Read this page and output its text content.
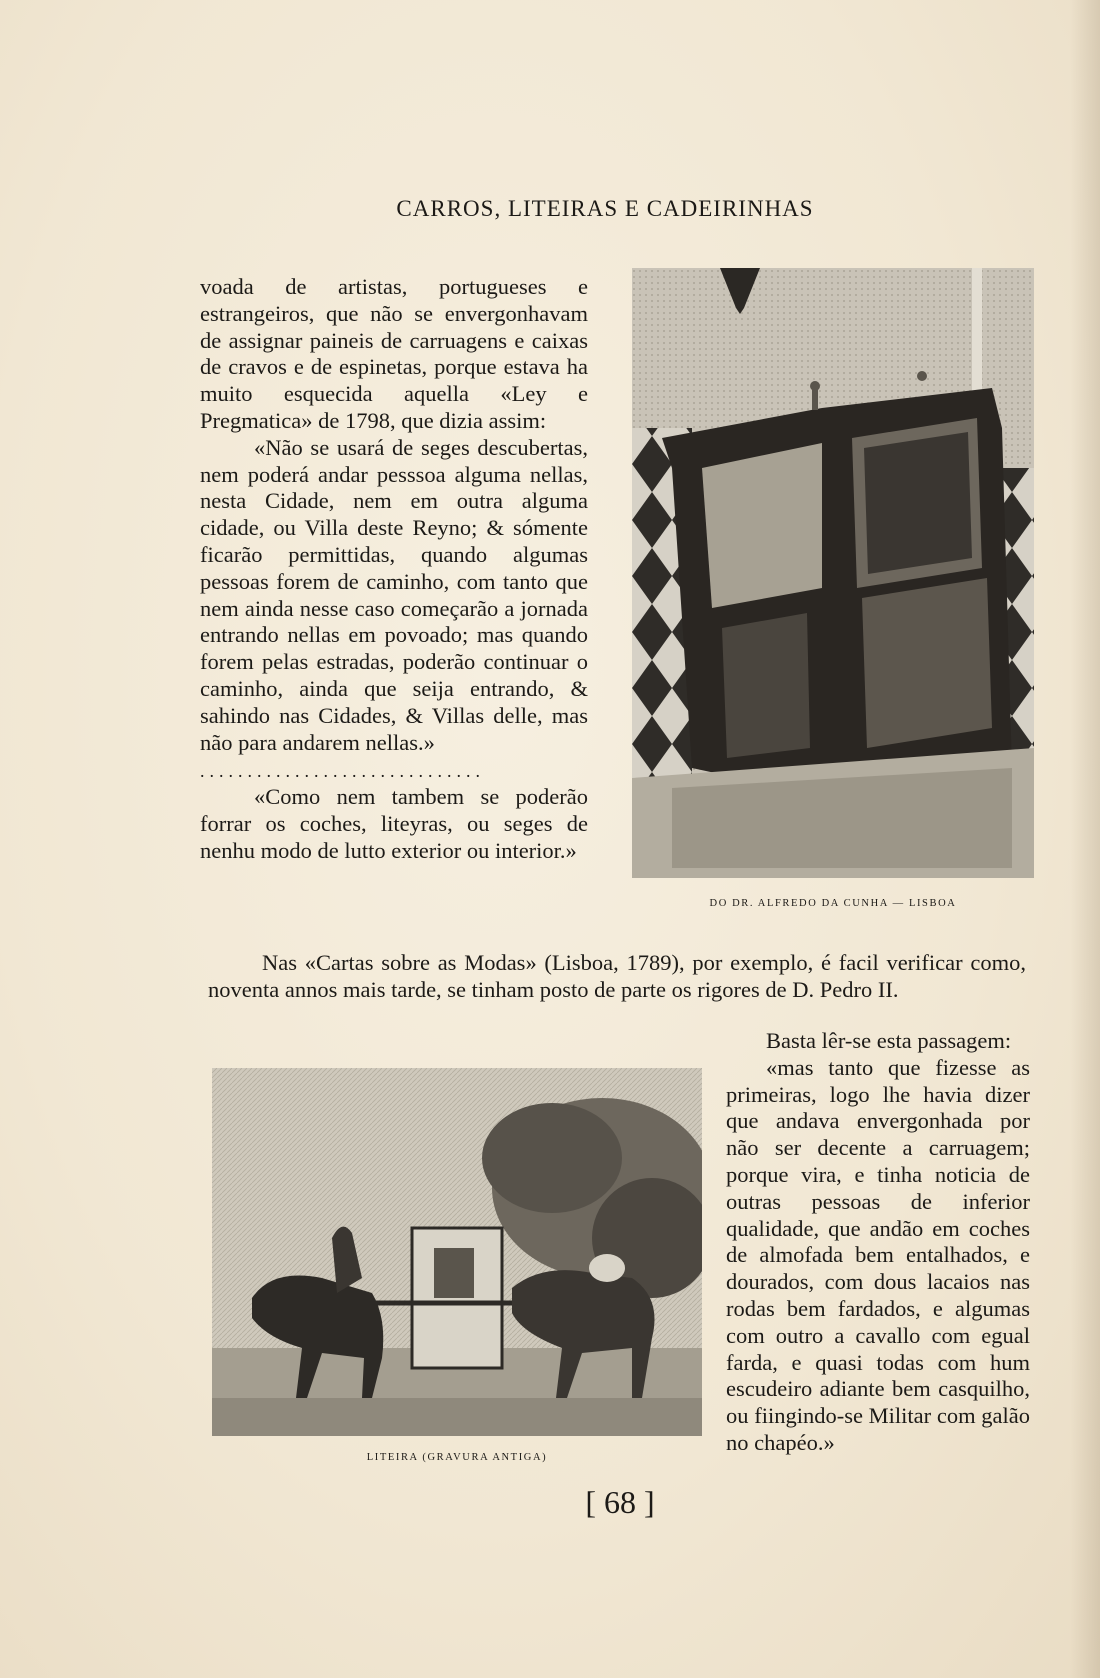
CARROS, LITEIRAS E CADEIRINHAS

voada de artistas, portugueses e estrangeiros, que não se envergonhavam de assignar paineis de carruagens e caixas de cravos e de espinetas, porque estava ha muito esquecida aquella «Ley e Pregmatica» de 1798, que dizia assim:

«Não se usará de seges descubertas, nem poderá andar pesssoa alguma nellas, nesta Cidade, nem em outra alguma cidade, ou Villa deste Reyno; & sómente ficarão permittidas, quando algumas pessoas forem de caminho, com tanto que nem ainda nesse caso começarão a jornada entrando nellas em povoado; mas quando forem pelas estradas, poderão continuar o caminho, ainda que seija entrando, & sahindo nas Cidades, & Villas delle, mas não para andarem nellas.»

..............................

«Como nem tambem se poderão forrar os coches, liteyras, ou seges de nenhu modo de lutto exterior ou interior.»

DO DR. ALFREDO DA CUNHA — LISBOA

Nas «Cartas sobre as Modas» (Lisboa, 1789), por exemplo, é facil verificar como, noventa annos mais tarde, se tinham posto de parte os rigores de D. Pedro II.

LITEIRA (GRAVURA ANTIGA)

Basta lêr-se esta passagem:

«mas tanto que fizesse as primeiras, logo lhe havia dizer que andava envergonhada por não ser decente a carruagem; porque vira, e tinha noticia de outras pessoas de inferior qualidade, que andão em coches de almofada bem entalhados, e dourados, com dous lacaios nas rodas bem fardados, e algumas com outro a cavallo com egual farda, e quasi todas com hum escudeiro adiante bem casquilho, ou fiingindo-se Militar com galão no chapéo.»

[ 68 ]
